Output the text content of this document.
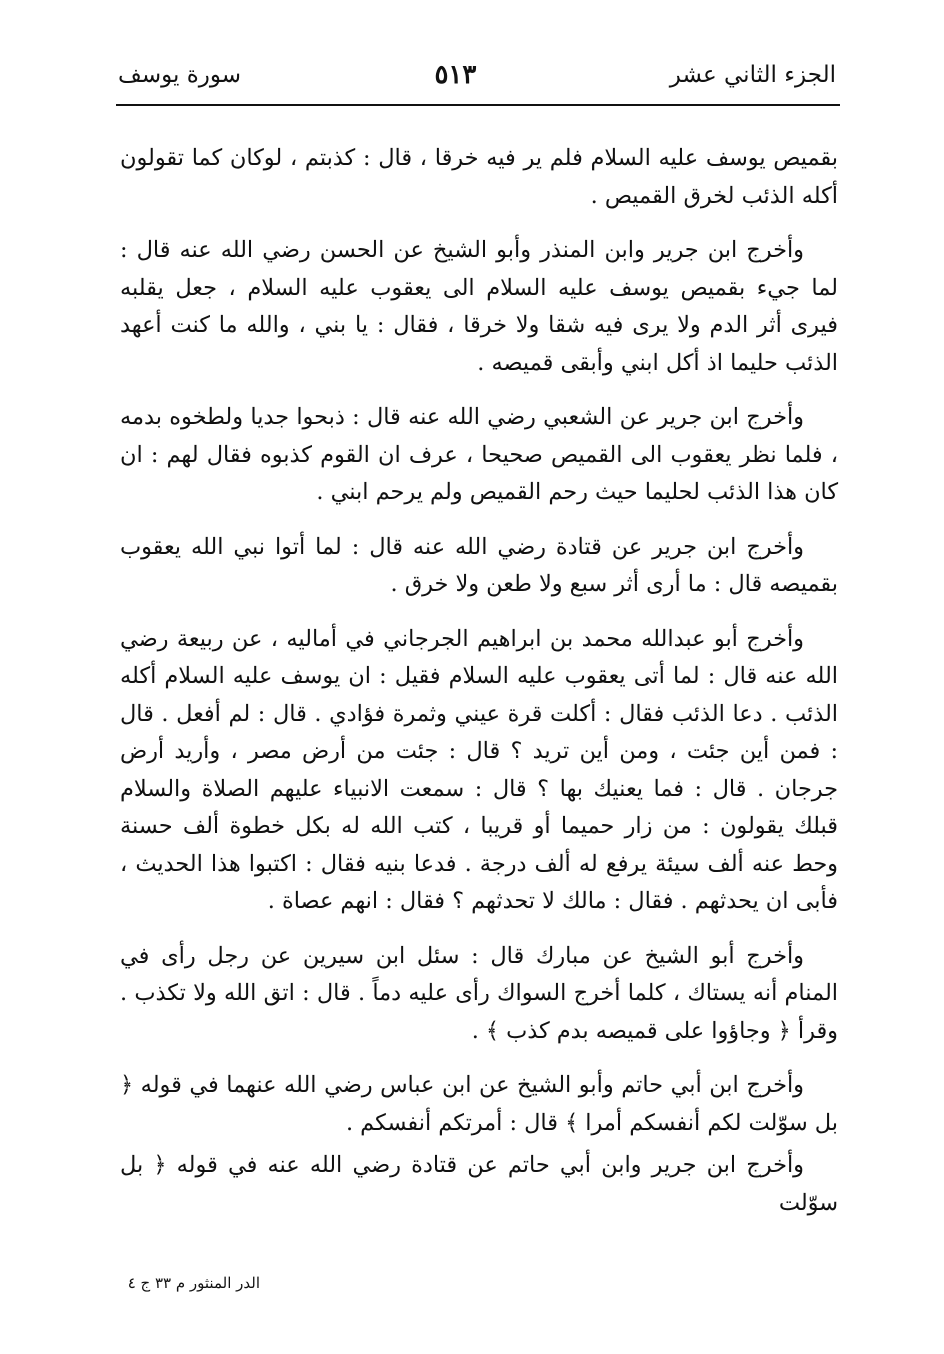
الجزء الثاني عشر
٥١٣
سورة يوسف

بقميص يوسف عليه السلام فلم ير فيه خرقا ، قال : كذبتم ، لوكان كما تقولون أكله الذئب لخرق القميص .

وأخرج ابن جرير وابن المنذر وأبو الشيخ عن الحسن رضي الله عنه قال : لما جيء بقميص يوسف عليه السلام الى يعقوب عليه السلام ، جعل يقلبه فيرى أثر الدم ولا يرى فيه شقا ولا خرقا ، فقال : يا بني ، والله ما كنت أعهد الذئب حليما اذ أكل ابني وأبقى قميصه .

وأخرج ابن جرير عن الشعبي رضي الله عنه قال : ذبحوا جديا ولطخوه بدمه ، فلما نظر يعقوب الى القميص صحيحا ، عرف ان القوم كذبوه فقال لهم : ان كان هذا الذئب لحليما حيث رحم القميص ولم يرحم ابني .

وأخرج ابن جرير عن قتادة رضي الله عنه قال : لما أتوا نبي الله يعقوب بقميصه قال : ما أرى أثر سبع ولا طعن ولا خرق .

وأخرج أبو عبدالله محمد بن ابراهيم الجرجاني في أماليه ، عن ربيعة رضي الله عنه قال : لما أتى يعقوب عليه السلام فقيل : ان يوسف عليه السلام أكله الذئب . دعا الذئب فقال : أكلت قرة عيني وثمرة فؤادي . قال : لم أفعل . قال : فمن أين جئت ، ومن أين تريد ؟ قال : جئت من أرض مصر ، وأريد أرض جرجان . قال : فما يعنيك بها ؟ قال : سمعت الانبياء عليهم الصلاة والسلام قبلك يقولون : من زار حميما أو قريبا ، كتب الله له بكل خطوة ألف حسنة وحط عنه ألف سيئة يرفع له ألف درجة . فدعا بنيه فقال : اكتبوا هذا الحديث ، فأبى ان يحدثهم . فقال : مالك لا تحدثهم ؟ فقال : انهم عصاة .

وأخرج أبو الشيخ عن مبارك قال : سئل ابن سيرين عن رجل رأى في المنام أنه يستاك ، كلما أخرج السواك رأى عليه دماً . قال : اتق الله ولا تكذب . وقرأ ﴿ وجاؤوا على قميصه بدم كذب ﴾ .

وأخرج ابن أبي حاتم وأبو الشيخ عن ابن عباس رضي الله عنهما في قوله ﴿ بل سوّلت لكم أنفسكم أمرا ﴾ قال : أمرتكم أنفسكم .

وأخرج ابن جرير وابن أبي حاتم عن قتادة رضي الله عنه في قوله ﴿ بل سوّلت

الدر المنثور م ٣٣ ج ٤
